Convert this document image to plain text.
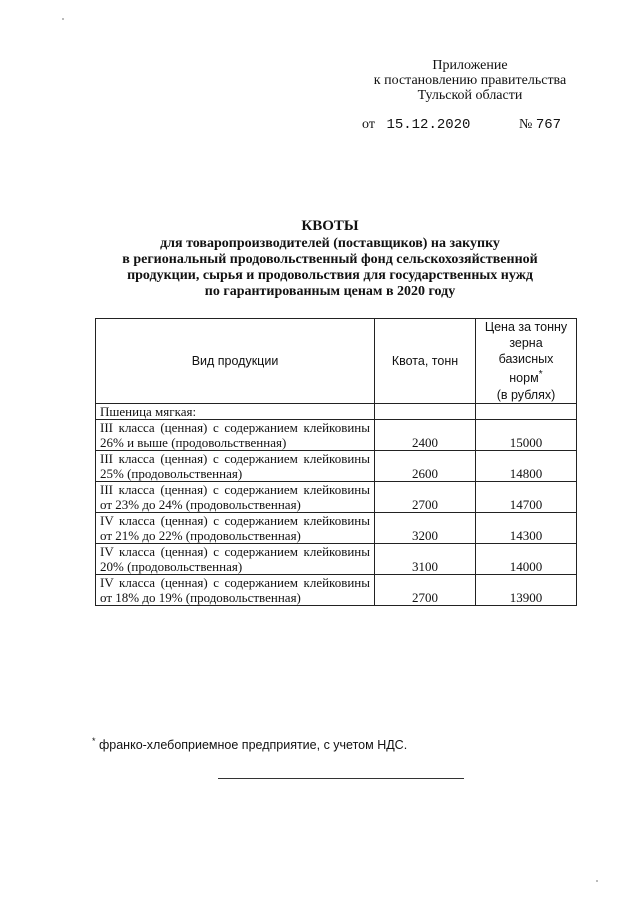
Приложение
к постановлению правительства
Тульской области
от 15.12.2020	№ 767
КВОТЫ
для товаропроизводителей (поставщиков) на закупку
в региональный продовольственный фонд сельскохозяйственной
продукции, сырья и продовольствия для государственных нужд
по гарантированным ценам в 2020 году
Вид продукции	Квота, тонн	Цена за тонну
зерна
базисных
норм*
(в рублях)

Пшеница мягкая:		
III класса (ценная) с содержанием клейковины 26% и выше (продовольственная)	2400	15000
III класса (ценная) с содержанием клейковины 25% (продовольственная)	2600	14800
III класса (ценная) с содержанием клейковины от 23% до 24% (продовольственная)	2700	14700
IV класса (ценная) с содержанием клейковины от 21% до 22% (продовольственная)	3200	14300
IV класса (ценная) с содержанием клейковины 20% (продовольственная)	3100	14000
IV класса (ценная) с содержанием клейковины от 18% до 19% (продовольственная)	2700	13900
* франко-хлебоприемное предприятие, с учетом НДС.
